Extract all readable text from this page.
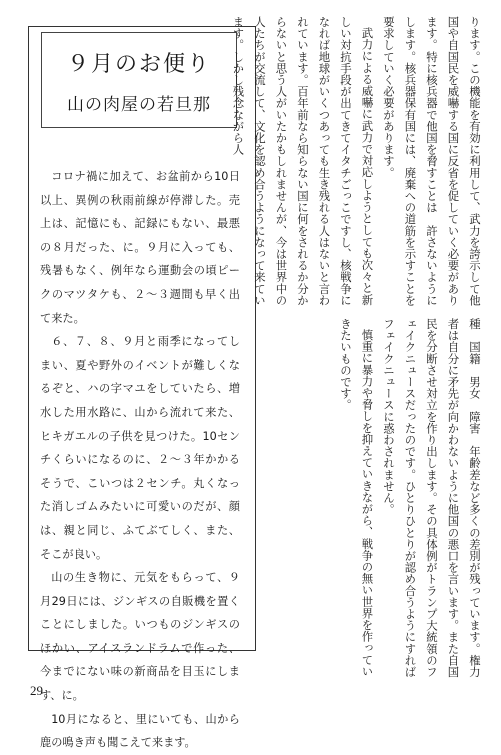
９月のお便り
山の肉屋の若旦那

コロナ禍に加えて、お盆前から10日以上、異例の秋雨前線が停滞した。売上は、記憶にも、記録にもない、最悪の８月だった、に。９月に入っても、残暑もなく、例年なら運動会の頃ピークのマツタケも、２～３週間も早く出て来た。

６、７、８、９月と雨季になってしまい、夏や野外のイベントが難しくなるぞと、ハの字マユをしていたら、増水した用水路に、山から流れて来た、ヒキガエルの子供を見つけた。10センチくらいになるのに、２～３年かかるそうで、こいつは２センチ。丸くなった消しゴムみたいに可愛いのだが、顔は、親と同じ、ふてぶてしく、また、そこが良い。

山の生き物に、元気をもらって、９月29日には、ジンギスの自販機を置くことにしました。いつものジンギスのほかい、アイスランドラムで作った、今までにない味の新商品を目玉にします、に。

10月になると、里にいても、山から鹿の鳴き声も聞こえて来ます。

29

ります。この機能を有効に利用して、武力を誇示して他国や自国民を威嚇する国に反省を促していく必要があります。特に核兵器で他国を脅すことは　許さないようにします。核兵器保有国には、廃棄への道筋を示すことを要求していく必要があります。

武力による威嚇に武力で対応しようとしても次々と新しい対抗手段が出てきてイタチごっこですし、核戦争になれば地球がいくつあっても生き残れる人はないと言われています。百年前なら知らない国に何をされるか分からないと思う人がいたかもしれませんが、今は世界中の人たちが交流して、文化を認め合うようになって来ています。しかし残念ながら人

種　国籍　男女　障害　年齢差など多くの差別が残っています。権力者は自分に矛先が向かわないように他国の悪口を言います。また自国民を分断させ対立を作り出します。その具体例がトランプ大統領のフェイクニュースだったのです。ひとりひとりが認め合うようにすればフェイクニュースに惑わされません。

慎重に暴力や脅しを抑えていきながら、戦争の無い世界を作っていきたいものです。
